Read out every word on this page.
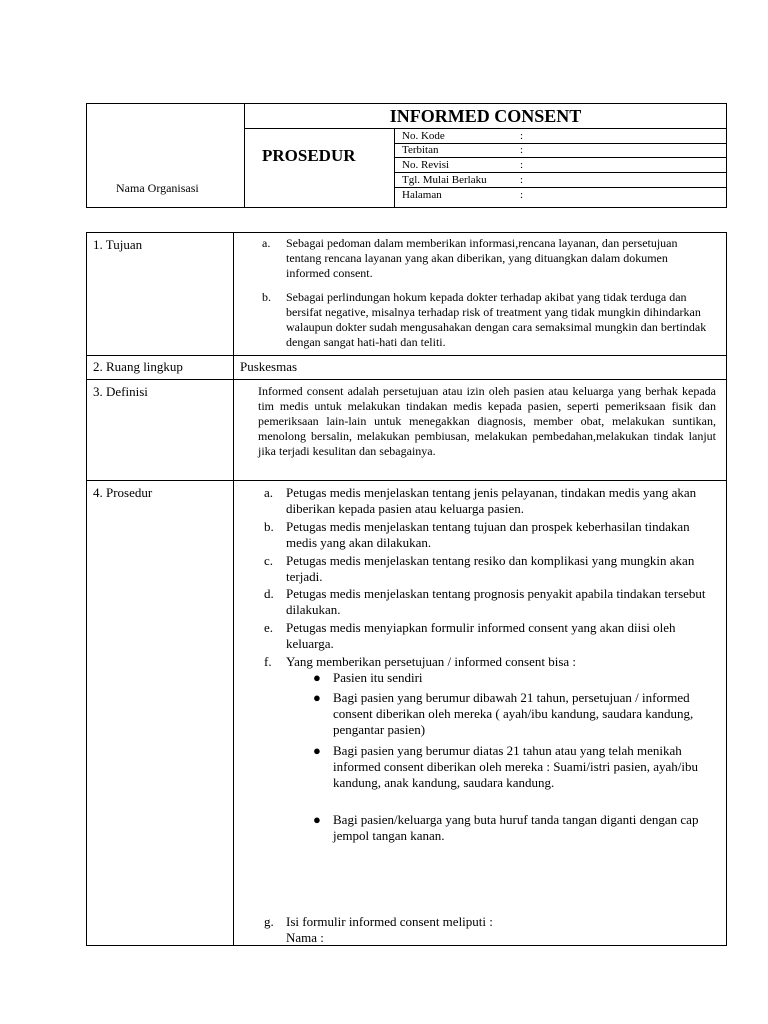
Nama Organisasi
INFORMED CONSENT
PROSEDUR
No. Kode	:
Terbitan	:
No. Revisi	:
Tgl. Mulai Berlaku	:
Halaman	:
1. Tujuan	a. Sebagai pedoman dalam memberikan informasi,rencana layanan, dan persetujuan tentang rencana layanan yang akan diberikan, yang dituangkan dalam dokumen informed consent.
b. Sebagai perlindungan hokum kepada dokter terhadap akibat yang tidak terduga dan bersifat negative, misalnya terhadap risk of treatment yang tidak mungkin dihindarkan walaupun dokter sudah mengusahakan dengan cara semaksimal mungkin dan bertindak dengan sangat hati-hati dan teliti.
2. Ruang lingkup	Puskesmas
3. Definisi	Informed consent adalah persetujuan atau izin oleh pasien atau keluarga yang berhak kepada tim medis untuk melakukan tindakan medis kepada pasien, seperti pemeriksaan fisik dan pemeriksaan lain-lain untuk menegakkan diagnosis, member obat, melakukan suntikan, menolong bersalin, melakukan pembiusan, melakukan pembedahan,melakukan tindak lanjut jika terjadi kesulitan dan sebagainya.
4. Prosedur	a. Petugas medis menjelaskan tentang jenis pelayanan, tindakan medis yang akan diberikan kepada pasien atau keluarga pasien.
b. Petugas medis menjelaskan tentang tujuan dan prospek keberhasilan tindakan medis yang akan dilakukan.
c. Petugas medis menjelaskan tentang resiko dan komplikasi yang mungkin akan terjadi.
d. Petugas medis menjelaskan tentang prognosis penyakit apabila tindakan tersebut dilakukan.
e. Petugas medis menyiapkan formulir informed consent yang akan diisi oleh keluarga.
f. Yang memberikan persetujuan / informed consent bisa :
● Pasien itu sendiri
● Bagi pasien yang berumur dibawah 21 tahun, persetujuan / informed consent diberikan oleh mereka ( ayah/ibu kandung, saudara kandung, pengantar pasien)
● Bagi pasien yang berumur diatas 21 tahun atau yang telah menikah informed consent diberikan oleh mereka : Suami/istri pasien, ayah/ibu kandung, anak kandung, saudara kandung.
● Bagi pasien/keluarga yang buta huruf tanda tangan diganti dengan cap jempol tangan kanan.
g. Isi formulir informed consent meliputi :
Nama :
